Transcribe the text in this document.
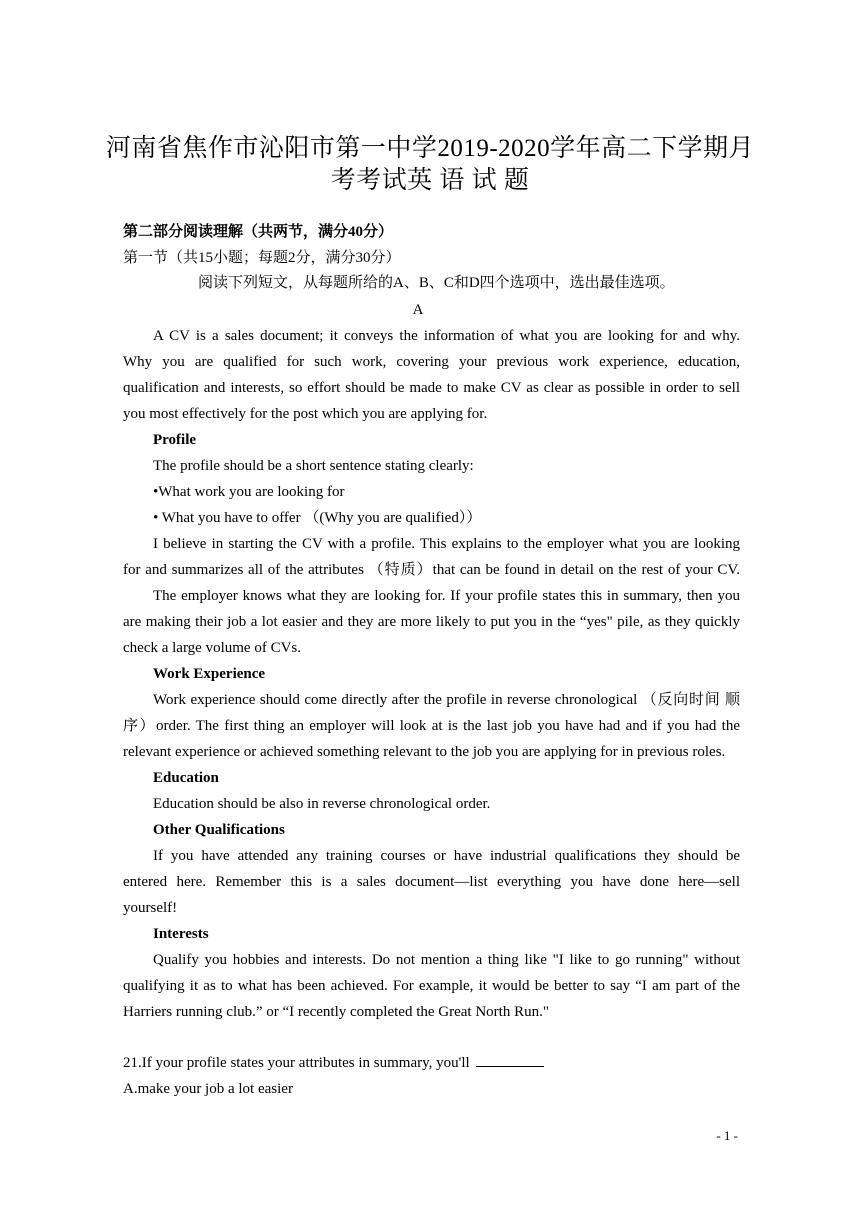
河南省焦作市沁阳市第一中学2019-2020学年高二下学期月
考考试英 语 试 题
第二部分阅读理解（共两节，满分40分）
第一节（共15小题；每题2分，满分30分）
阅读下列短文，从每题所给的A、B、C和D四个选项中，选出最佳选项。
A
A CV is a sales document; it conveys the information of what you are looking for and why.
Why you are qualified for such work, covering your previous work experience, education,
qualification and interests, so effort should be made to make CV as clear as possible in order to sell
you most effectively for the post which you are applying for.
Profile
The profile should be a short sentence stating clearly:
•What work you are looking for
• What you have to offer （(Why you are qualified））
I believe in starting the CV with a profile. This explains to the employer what you are looking
for and summarizes all of the attributes （特质）that can be found in detail on the rest of your CV.
The employer knows what they are looking for. If your profile states this in summary, then you
are making their job a lot easier and they are more likely to put you in the “yes" pile, as they quickly
check a large volume of CVs.
Work Experience
Work experience should come directly after the profile in reverse chronological （反向时间 顺
序）order. The first thing an employer will look at is the last job you have had and if you had the
relevant experience or achieved something relevant to the job you are applying for in previous roles.
Education
Education should be also in reverse chronological order.
Other Qualifications
If you have attended any training courses or have industrial qualifications they should be
entered here. Remember this is a sales document—list everything you have done here—sell
yourself!
Interests
Qualify you hobbies and interests. Do not mention a thing like "I like to go running" without
qualifying it as to what has been achieved. For example, it would be better to say “I am part of the
Harriers running club.” or “I recently completed the Great North Run."
21.If your profile states your attributes in summary, you'll
A.make your job a lot easier
- 1 -
